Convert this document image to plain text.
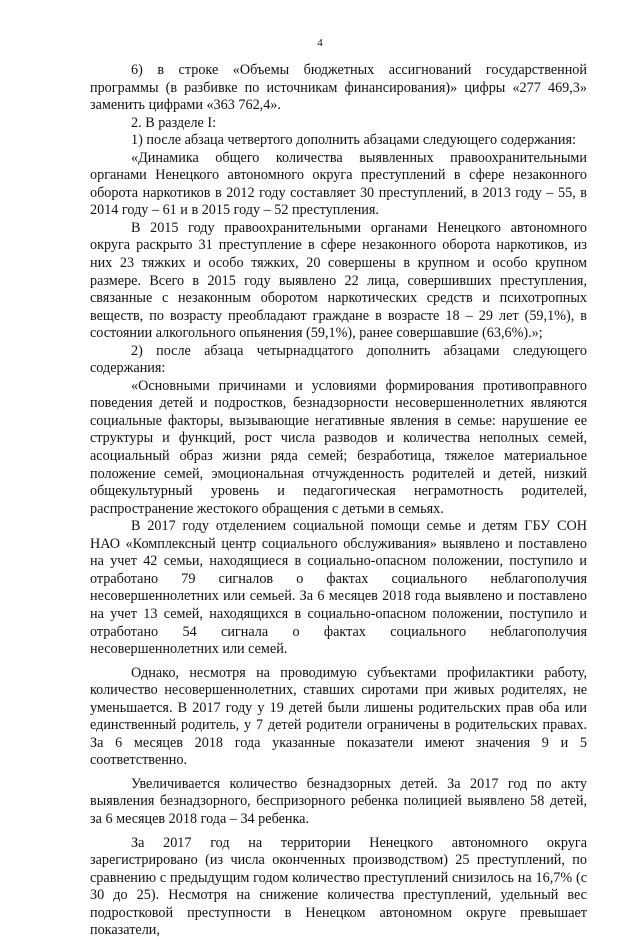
4

6) в строке «Объемы бюджетных ассигнований государственной программы (в разбивке по источникам финансирования)» цифры «277 469,3» заменить цифрами «363 762,4».

2. В разделе I:

1) после абзаца четвертого дополнить абзацами следующего содержания:

«Динамика общего количества выявленных правоохранительными органами Ненецкого автономного округа преступлений в сфере незаконного оборота наркотиков в 2012 году составляет 30 преступлений, в 2013 году – 55, в 2014 году – 61 и в 2015 году – 52 преступления.

В 2015 году правоохранительными органами Ненецкого автономного округа раскрыто 31 преступление в сфере незаконного оборота наркотиков, из них 23 тяжких и особо тяжких, 20 совершены в крупном и особо крупном размере. Всего в 2015 году выявлено 22 лица, совершивших преступления, связанные с незаконным оборотом наркотических средств и психотропных веществ, по возрасту преобладают граждане в возрасте 18 – 29 лет (59,1%), в состоянии алкогольного опьянения (59,1%), ранее совершавшие (63,6%).»;

2) после абзаца четырнадцатого дополнить абзацами следующего содержания:

«Основными причинами и условиями формирования противоправного поведения детей и подростков, безнадзорности несовершеннолетних являются социальные факторы, вызывающие негативные явления в семье: нарушение ее структуры и функций, рост числа разводов и количества неполных семей, асоциальный образ жизни ряда семей; безработица, тяжелое материальное положение семей, эмоциональная отчужденность родителей и детей, низкий общекультурный уровень и педагогическая неграмотность родителей, распространение жестокого обращения с детьми в семьях.

В 2017 году отделением социальной помощи семье и детям ГБУ СОН НАО «Комплексный центр социального обслуживания» выявлено и поставлено на учет 42 семьи, находящиеся в социально-опасном положении, поступило и отработано 79 сигналов о фактах социального неблагополучия несовершеннолетних или семьей. За 6 месяцев 2018 года выявлено и поставлено на учет 13 семей, находящихся в социально-опасном положении, поступило и отработано 54 сигнала о фактах социального неблагополучия несовершеннолетних или семей.

Однако, несмотря на проводимую субъектами профилактики работу, количество несовершеннолетних, ставших сиротами при живых родителях, не уменьшается. В 2017 году у 19 детей были лишены родительских прав оба или единственный родитель, у 7 детей родители ограничены в родительских правах. За 6 месяцев 2018 года указанные показатели имеют значения 9 и 5 соответственно.

Увеличивается количество безнадзорных детей. За 2017 год по акту выявления безнадзорного, беспризорного ребенка полицией выявлено 58 детей, за 6 месяцев 2018 года – 34 ребенка.

За 2017 год на территории Ненецкого автономного округа зарегистрировано (из числа оконченных производством) 25 преступлений, по сравнению с предыдущим годом количество преступлений снизилось на 16,7% (с 30 до 25). Несмотря на снижение количества преступлений, удельный вес подростковой преступности в Ненецком автономном округе превышает показатели,
